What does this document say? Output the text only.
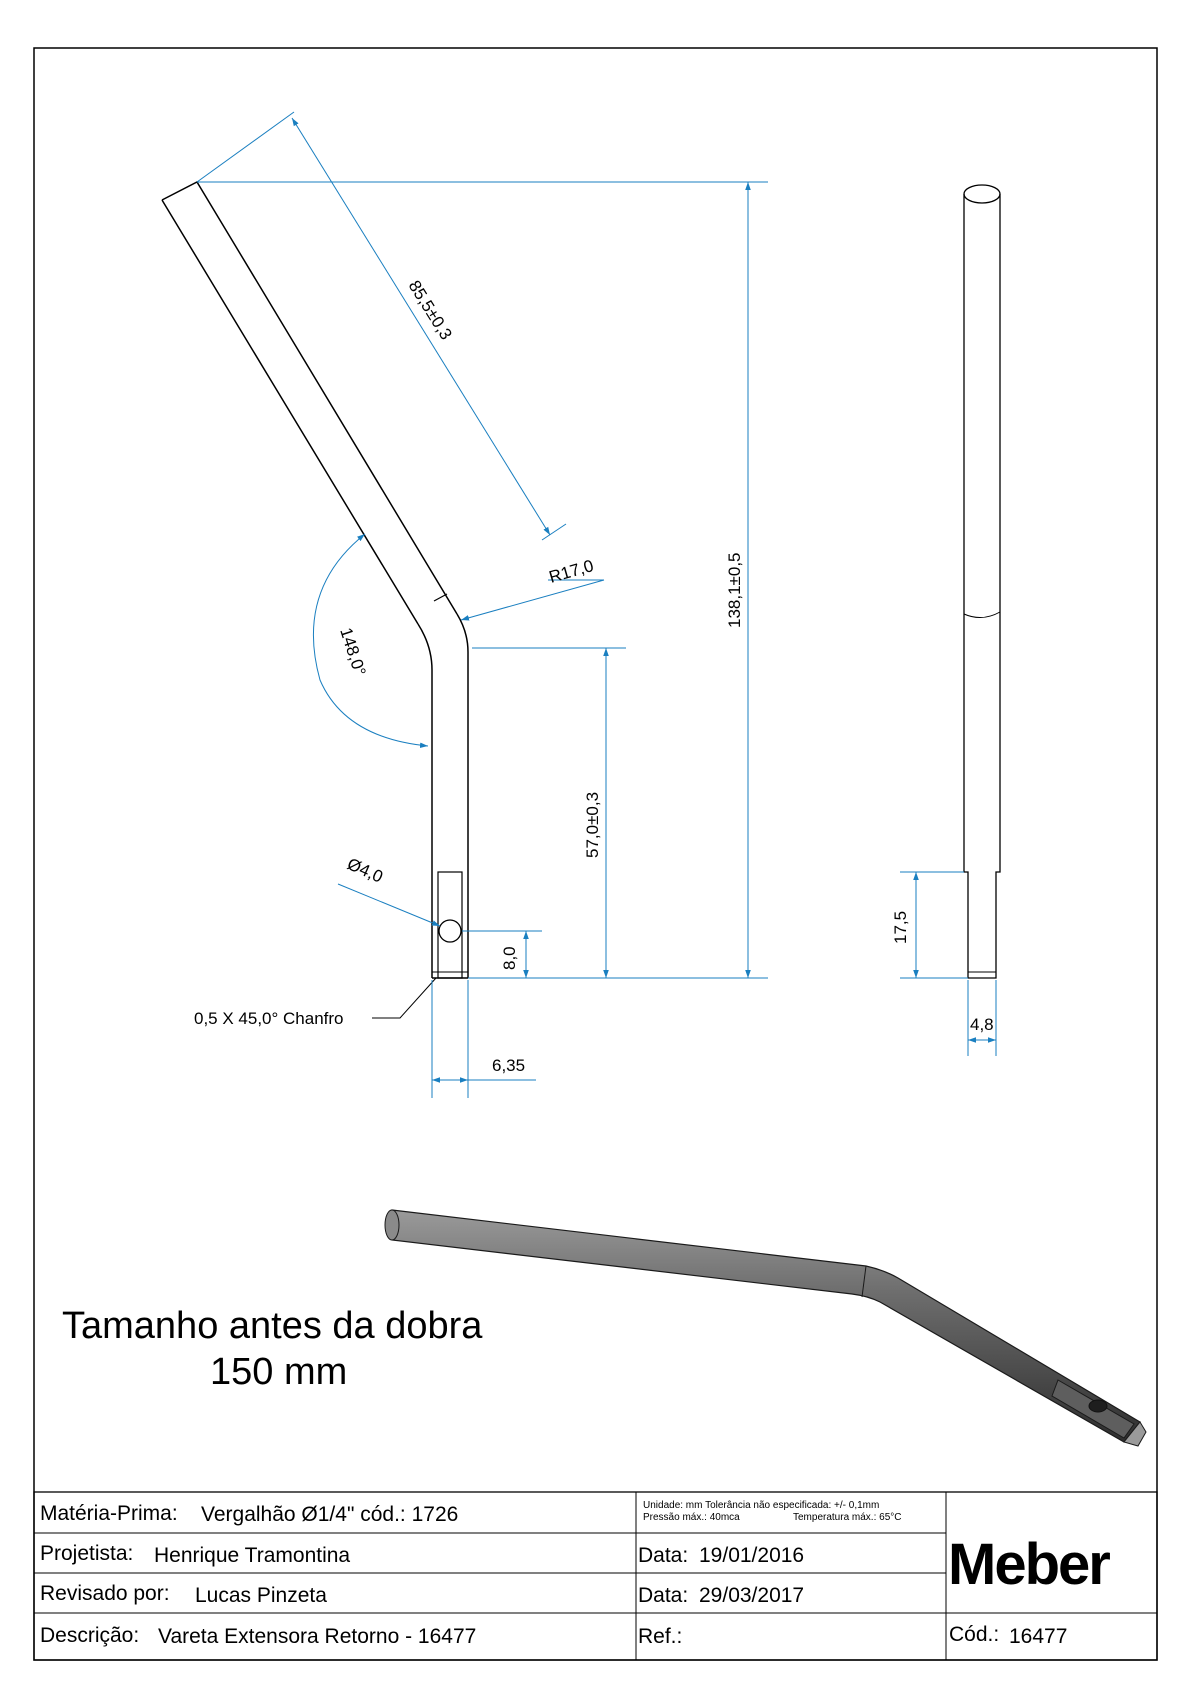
85,5±0,3
138,1±0,5
R17,0
148,0°
57,0±0,3
Ø4,0
8,0
0,5 X 45,0° Chanfro
6,35
17,5
4,8
Tamanho antes da dobra
150 mm
Matéria-Prima: Vergalhão Ø1/4" cód.: 1726	Unidade: mm Tolerância não especificada: +/- 0,1mm
Pressão máx.: 40mca	Temperatura máx.: 65°C
Projetista: Henrique Tramontina	Data: 19/01/2016
Revisado por: Lucas Pinzeta	Data: 29/03/2017
Descrição: Vareta Extensora Retorno - 16477	Ref.:	Cód.: 16477
Meber
